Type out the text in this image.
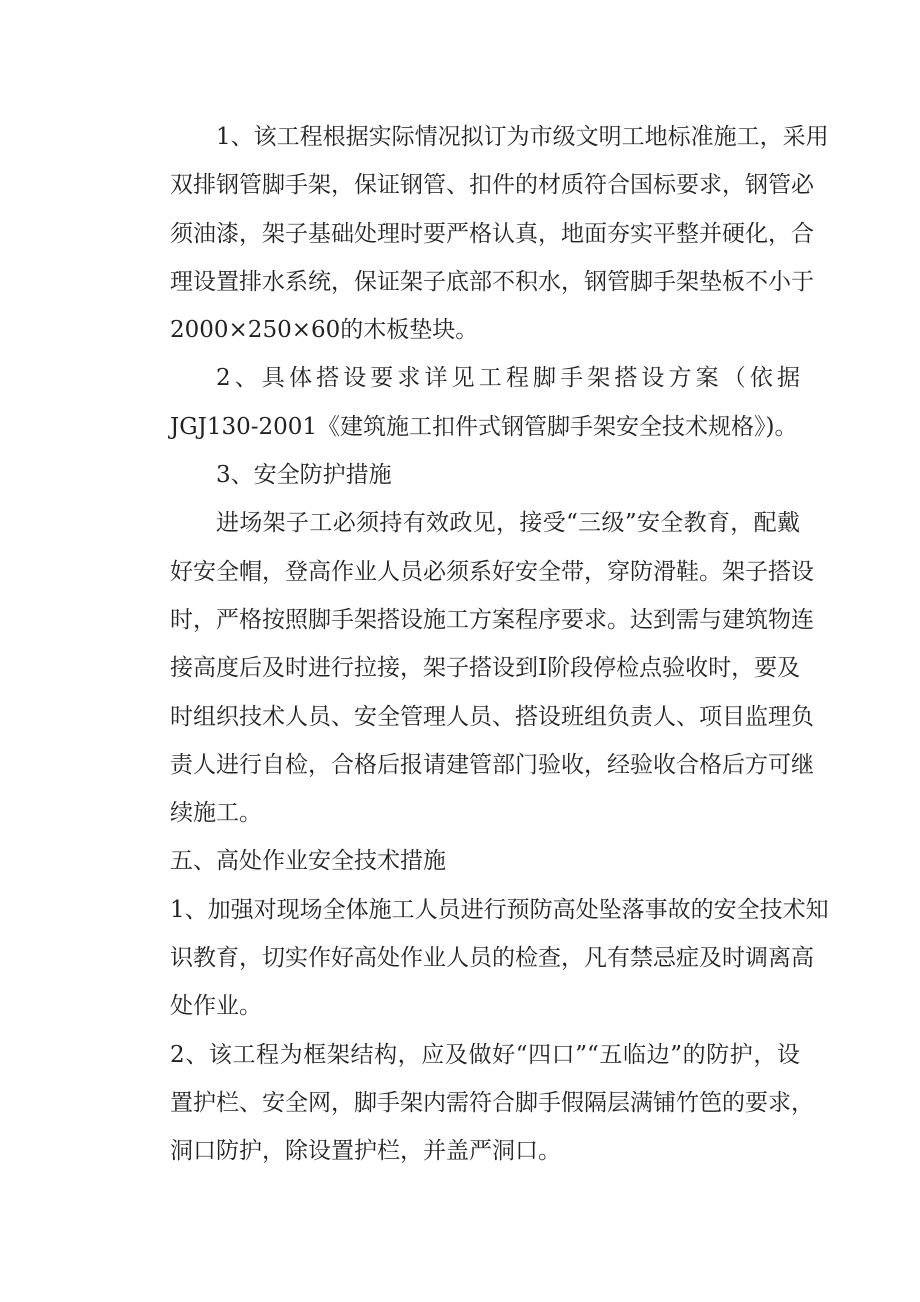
1、该工程根据实际情况拟订为市级文明工地标准施工，采用
双排钢管脚手架，保证钢管、扣件的材质符合国标要求，钢管必
须油漆，架子基础处理时要严格认真，地面夯实平整并硬化，合
理设置排水系统，保证架子底部不积水，钢管脚手架垫板不小于
2000×250×60的木板垫块。
2、具体搭设要求详见工程脚手架搭设方案（依据
JGJ130-2001《建筑施工扣件式钢管脚手架安全技术规格》)。
3、安全防护措施
进场架子工必须持有效政见，接受“三级”安全教育，配戴
好安全帽，登高作业人员必须系好安全带，穿防滑鞋。架子搭设
时，严格按照脚手架搭设施工方案程序要求。达到需与建筑物连
接高度后及时进行拉接，架子搭设到Ⅰ阶段停检点验收时，要及
时组织技术人员、安全管理人员、搭设班组负责人、项目监理负
责人进行自检，合格后报请建管部门验收，经验收合格后方可继
续施工。
五、高处作业安全技术措施
1、加强对现场全体施工人员进行预防高处坠落事故的安全技术知
识教育，切实作好高处作业人员的检查，凡有禁忌症及时调离高
处作业。
2、该工程为框架结构，应及做好“四口”“五临边”的防护，设
置护栏、安全网，脚手架内需符合脚手假隔层满铺竹笆的要求，
洞口防护，除设置护栏，并盖严洞口。
